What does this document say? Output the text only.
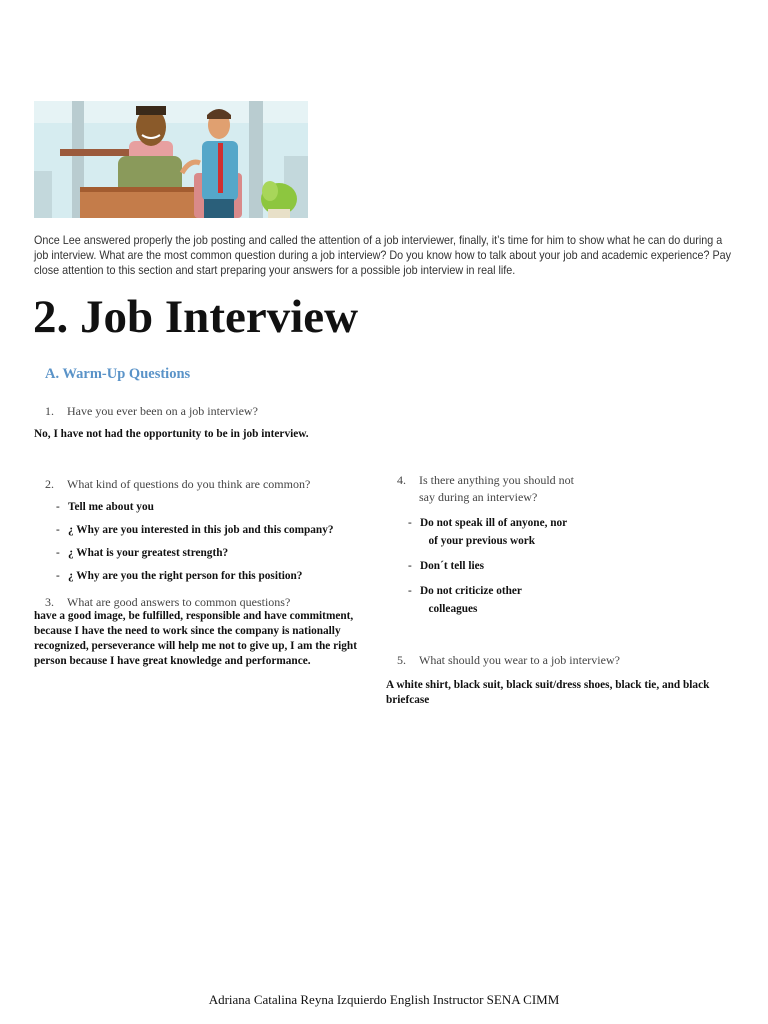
Once Lee answered properly the job posting and called the attention of a job interviewer, finally, it’s time for him to show what he can do during a job interview. What are the most common question during a job interview? Do you know how to talk about your job and academic experience? Pay close attention to this section and start preparing your answers for a possible job interview in real life.
2. Job Interview
A. Warm-Up Questions
1. Have you ever been on a job interview?
No, I have not had the opportunity to be in job interview.
2. What kind of questions do you think are common?
- Tell me about you
- ¿ Why are you interested in this job and this company?
- ¿ What is your greatest strength?
- ¿ Why are you the right person for this position?
3. What are good answers to common questions?
have a good image, be fulfilled, responsible and have commitment, because I have the need to work since the company is nationally recognized, perseverance will help me not to give up, I am the right person because I have great knowledge and performance.
4. Is there anything you should not
say during an interview?
- Do not speak ill of anyone, nor
of your previous work
- Don´t tell lies
- Do not criticize other
colleagues
5. What should you wear to a job interview?
A white shirt, black suit, black suit/dress shoes, black tie, and black briefcase
Adriana Catalina Reyna Izquierdo English Instructor SENA CIMM
